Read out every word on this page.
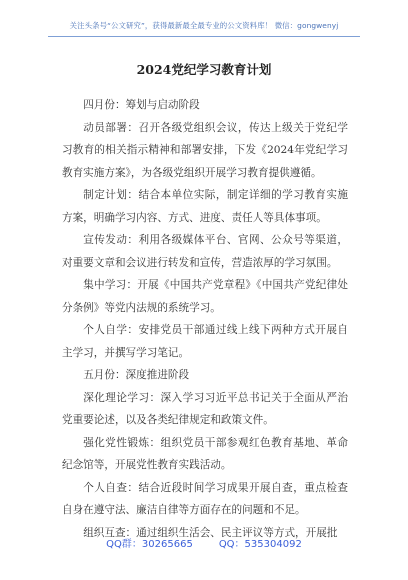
关注头条号“公文研究”，获得最新最全最专业的公文资料库！ 微信：gongwenyj
2024党纪学习教育计划

四月份：筹划与启动阶段

动员部署：召开各级党组织会议，传达上级关于党纪学习教育的相关指示精神和部署安排，下发《2024年党纪学习教育实施方案》，为各级党组织开展学习教育提供遵循。

制定计划：结合本单位实际，制定详细的学习教育实施方案，明确学习内容、方式、进度、责任人等具体事项。

宣传发动：利用各级媒体平台、官网、公众号等渠道，对重要文章和会议进行转发和宣传，营造浓厚的学习氛围。

集中学习：开展《中国共产党章程》《中国共产党纪律处分条例》等党内法规的系统学习。

个人自学：安排党员干部通过线上线下两种方式开展自主学习，并撰写学习笔记。

五月份：深度推进阶段

深化理论学习：深入学习习近平总书记关于全面从严治党重要论述，以及各类纪律规定和政策文件。

强化党性锻炼：组织党员干部参观红色教育基地、革命纪念馆等，开展党性教育实践活动。

个人自查：结合近段时间学习成果开展自查，重点检查自身在遵守法、廉洁自律等方面存在的问题和不足。

组织互查：通过组织生活会、民主评议等方式，开展批

QQ群：30265665	QQ：535304092
